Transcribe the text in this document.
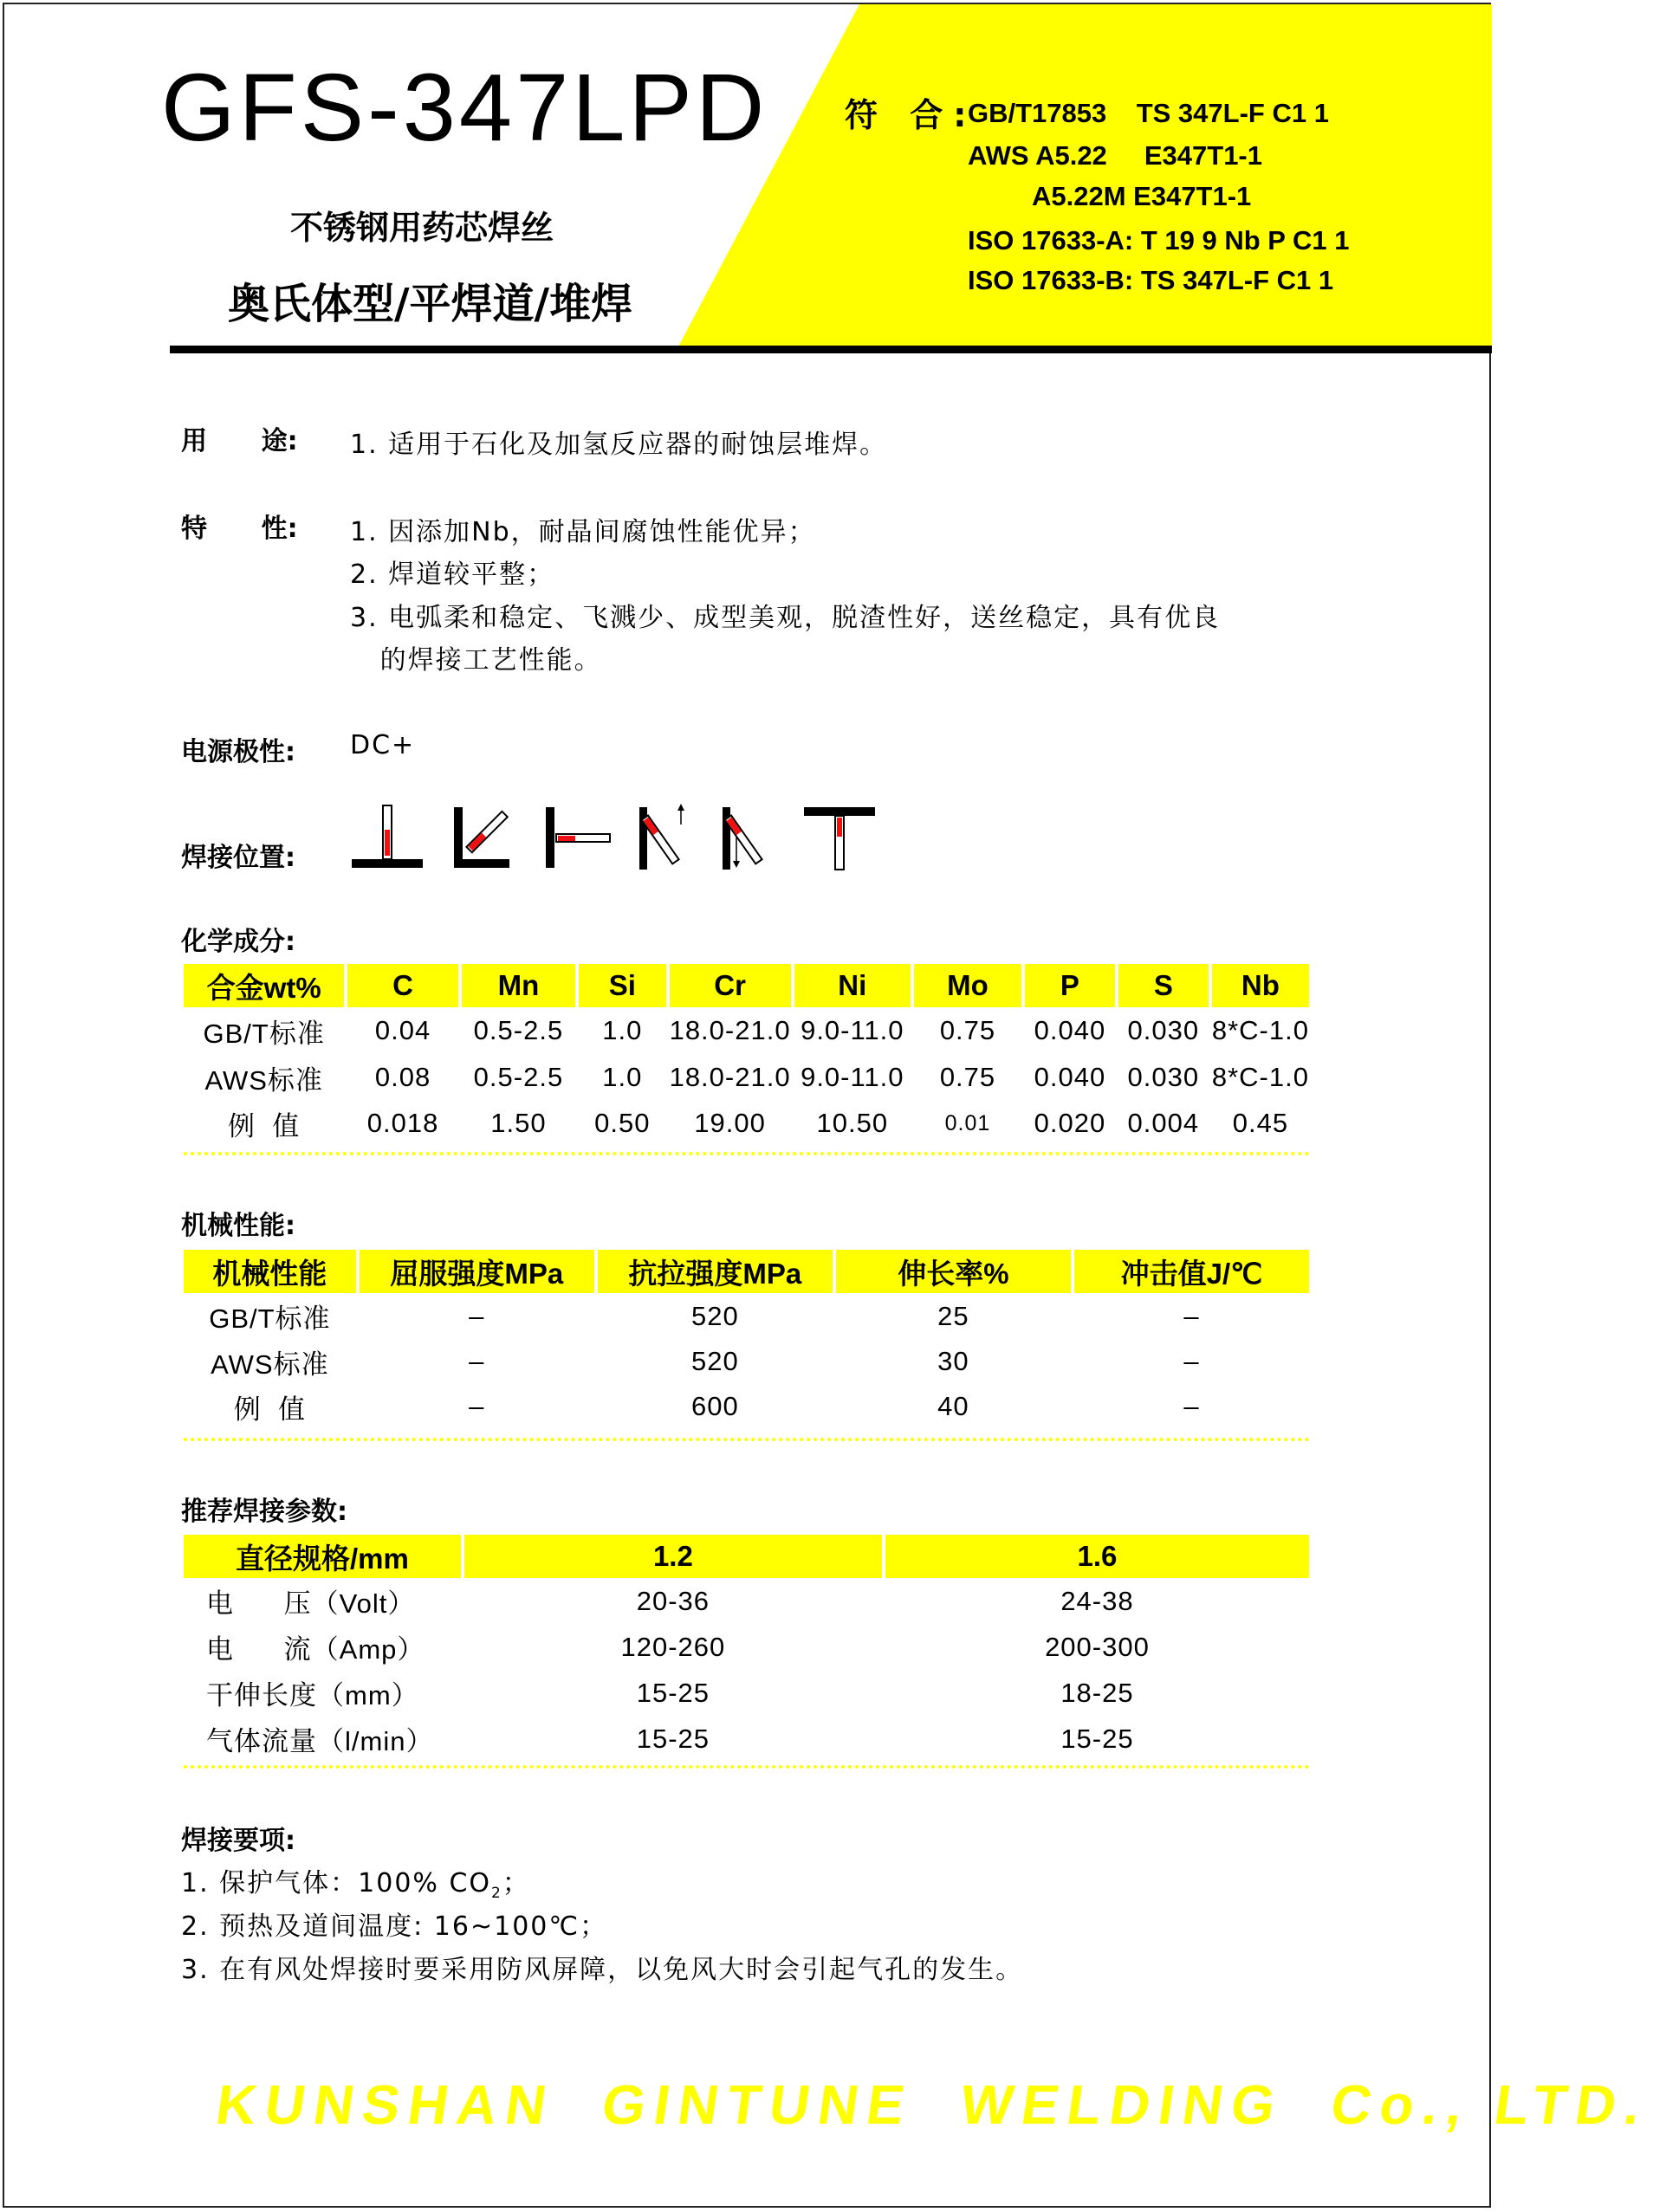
GFS-347LPD
不锈钢用药芯焊丝
奥氏体型/平焊道/堆焊
符 合:
GB/T17853    TS 347L-F C1 1
AWS A5.22     E347T1-1
A5.22M E347T1-1
ISO 17633-A: T 19 9 Nb P C1 1
ISO 17633-B: TS 347L-F C1 1
用      途: 1. 适用于石化及加氢反应器的耐蚀层堆焊。
特      性: 1. 因添加Nb，耐晶间腐蚀性能优异；
2. 焊道较平整；
3. 电弧柔和稳定、飞溅少、成型美观，脱渣性好，送丝稳定，具有优良
的焊接工艺性能。
电源极性: DC+
焊接位置:
化学成分:
合金wt%	C	Mn	Si	Cr	Ni	Mo	P	S	Nb
GB/T标准	0.04	0.5-2.5	1.0	18.0-21.0	9.0-11.0	0.75	0.040	0.030	8*C-1.0
AWS标准	0.08	0.5-2.5	1.0	18.0-21.0	9.0-11.0	0.75	0.040	0.030	8*C-1.0
例  值	0.018	1.50	0.50	19.00	10.50	0.01	0.020	0.004	0.45
机械性能:
机械性能	屈服强度MPa	抗拉强度MPa	伸长率%	冲击值J/℃
GB/T标准	–	520	25	–
AWS标准	–	520	30	–
例  值	–	600	40	–
推荐焊接参数:
直径规格/mm	1.2	1.6
电      压（Volt）	20-36	24-38
电      流（Amp）	120-260	200-300
干伸长度（mm）	15-25	18-25
气体流量（l/min）	15-25	15-25
焊接要项:
1. 保护气体：100% $CO_2$；
2. 预热及道间温度: 16~100℃；
3. 在有风处焊接时要采用防风屏障，以免风大时会引起气孔的发生。
KUNSHAN  GINTUNE  WELDING  Co., LTD.
